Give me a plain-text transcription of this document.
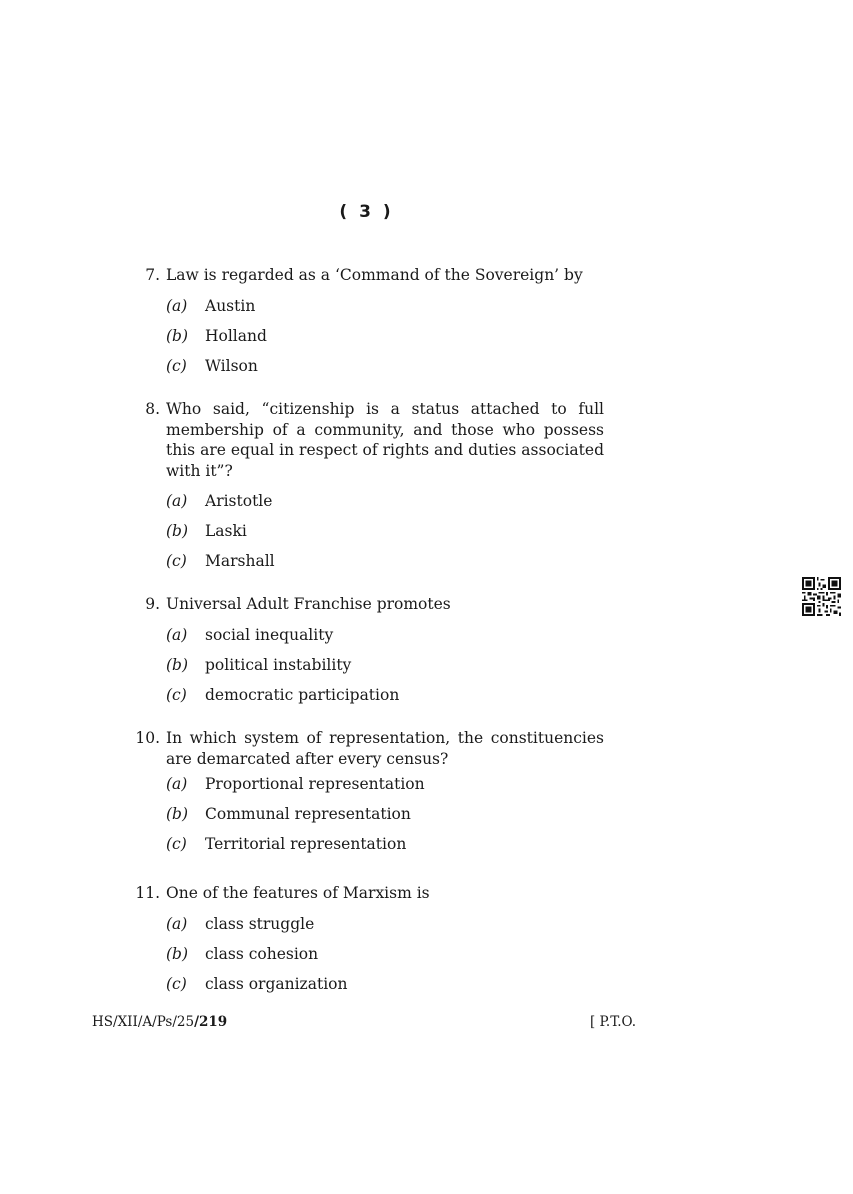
( 3 )
7. Law is regarded as a ‘Command of the Sovereign’ by
(a) Austin
(b) Holland
(c) Wilson
8. Who said, “citizenship is a status attached to full membership of a community, and those who possess this are equal in respect of rights and duties associated with it”?
(a) Aristotle
(b) Laski
(c) Marshall
9. Universal Adult Franchise promotes
(a) social inequality
(b) political instability
(c) democratic participation
10. In which system of representation, the constituencies are demarcated after every census?
(a) Proportional representation
(b) Communal representation
(c) Territorial representation
11. One of the features of Marxism is
(a) class struggle
(b) class cohesion
(c) class organization
HS/XII/A/Ps/25/219	[ P.T.O.
